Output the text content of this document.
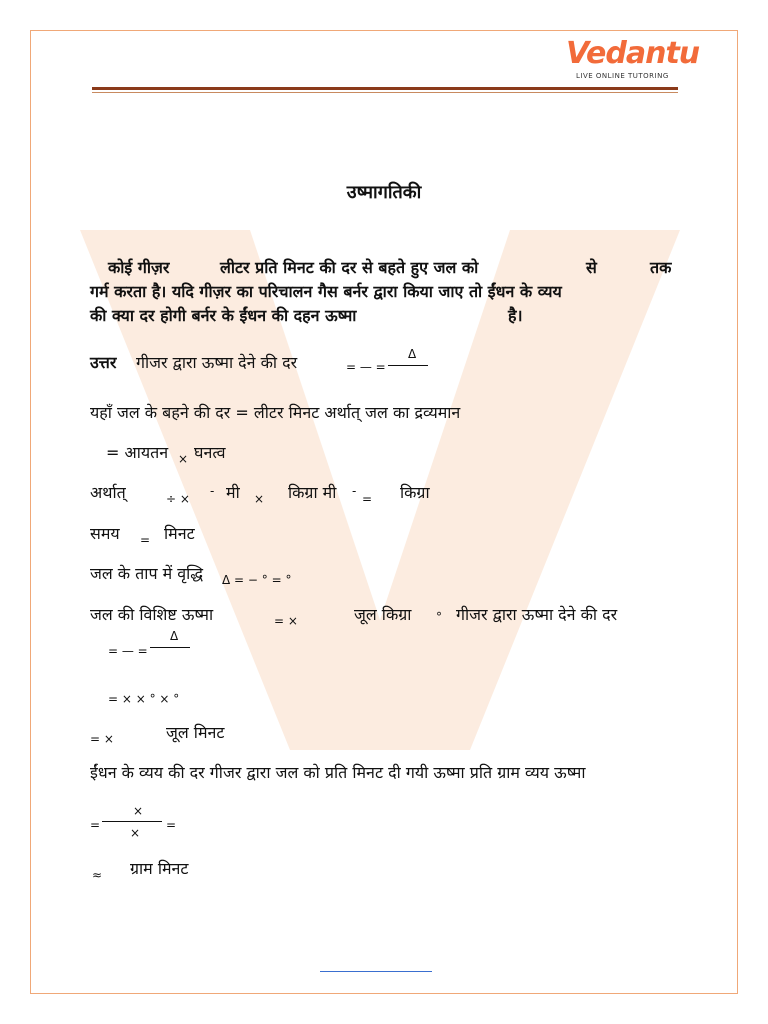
Vedantu
LIVE ONLINE TUTORING
उष्मागतिकी
कोई गीज़र	लीटर प्रति मिनट की दर से बहते हुए जल को	से	तक
गर्म करता है। यदि गीज़र का परिचालन गैस बर्नर द्वारा किया जाए तो ईंधन के व्यय
की क्या दर होगी बर्नर के ईंधन की दहन ऊष्मा	है।
उत्तर गीजर द्वारा ऊष्मा देने की दर	= — =
Δ
यहाँ जल के बहने की दर = लीटर मिनट अर्थात् जल का द्रव्यमान
= आयतन × घनत्व
अर्थात्	÷ ×
- मी × किग्रा मी -
= किग्रा
समय = मिनट
जल के ताप में वृद्धि Δ = − ° = °
जल की विशिष्ट ऊष्मा	= ×	जूल किग्रा ° गीजर द्वारा ऊष्मा देने की दर
= — =
Δ
= × × ° × °
= ×	जूल मिनट
ईंधन के व्यय की दर गीजर द्वारा जल को प्रति मिनट दी गयी ऊष्मा प्रति ग्राम व्यय ऊष्मा
=
×
×
=
≈ ग्राम मिनट
